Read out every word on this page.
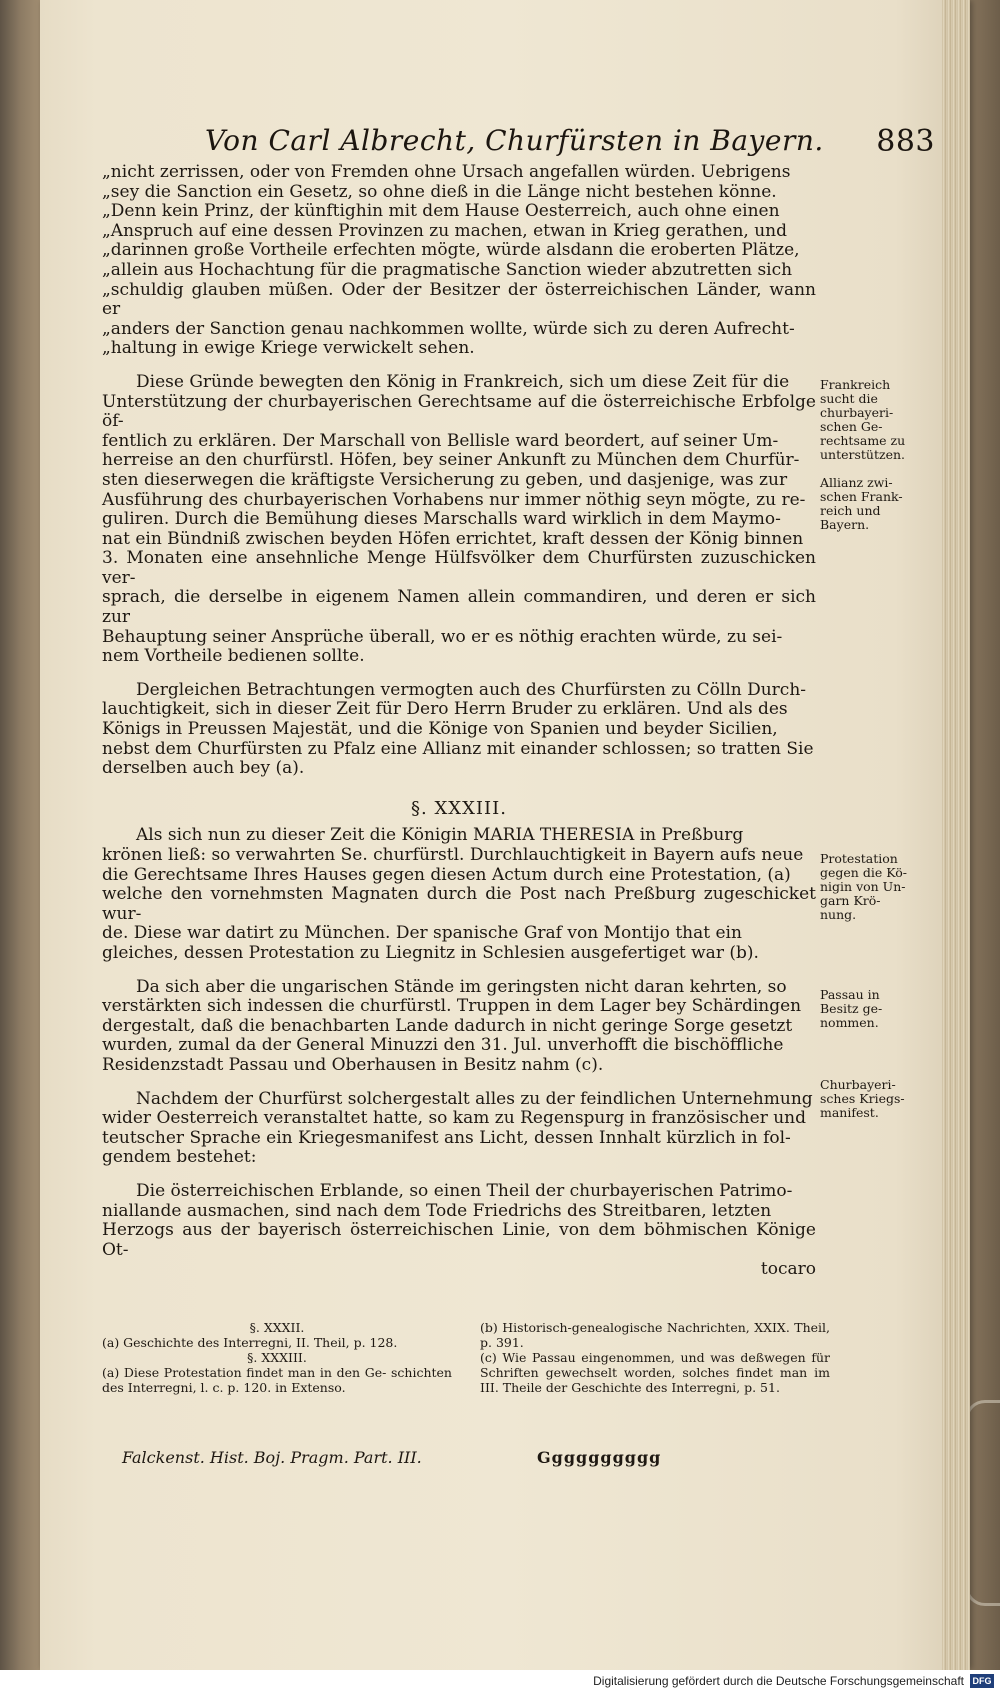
Von Carl Albrecht, Churfürsten in Bayern. 883

„nicht zerrissen, oder von Fremden ohne Ursach angefallen würden. Uebrigens

„sey die Sanction ein Gesetz, so ohne dieß in die Länge nicht bestehen könne.

„Denn kein Prinz, der künftighin mit dem Hause Oesterreich, auch ohne einen

„Anspruch auf eine dessen Provinzen zu machen, etwan in Krieg gerathen, und

„darinnen große Vortheile erfechten mögte, würde alsdann die eroberten Plätze,

„allein aus Hochachtung für die pragmatische Sanction wieder abzutretten sich

„schuldig glauben müßen. Oder der Besitzer der österreichischen Länder, wann er

„anders der Sanction genau nachkommen wollte, würde sich zu deren Aufrecht-

„haltung in ewige Kriege verwickelt sehen.

Diese Gründe bewegten den König in Frankreich, sich um diese Zeit für die

Unterstützung der churbayerischen Gerechtsame auf die österreichische Erbfolge öf-

fentlich zu erklären. Der Marschall von Bellisle ward beordert, auf seiner Um-

herreise an den churfürstl. Höfen, bey seiner Ankunft zu München dem Churfür-

sten dieserwegen die kräftigste Versicherung zu geben, und dasjenige, was zur

Ausführung des churbayerischen Vorhabens nur immer nöthig seyn mögte, zu re-

guliren. Durch die Bemühung dieses Marschalls ward wirklich in dem Maymo-

nat ein Bündniß zwischen beyden Höfen errichtet, kraft dessen der König binnen

3. Monaten eine ansehnliche Menge Hülfsvölker dem Churfürsten zuzuschicken ver-

sprach, die derselbe in eigenem Namen allein commandiren, und deren er sich zur

Behauptung seiner Ansprüche überall, wo er es nöthig erachten würde, zu sei-

nem Vortheile bedienen sollte.

Dergleichen Betrachtungen vermogten auch des Churfürsten zu Cölln Durch-

lauchtigkeit, sich in dieser Zeit für Dero Herrn Bruder zu erklären. Und als des

Königs in Preussen Majestät, und die Könige von Spanien und beyder Sicilien,

nebst dem Churfürsten zu Pfalz eine Allianz mit einander schlossen; so tratten Sie

derselben auch bey (a).

§. XXXIII.

Als sich nun zu dieser Zeit die Königin MARIA THERESIA in Preßburg

krönen ließ: so verwahrten Se. churfürstl. Durchlauchtigkeit in Bayern aufs neue

die Gerechtsame Ihres Hauses gegen diesen Actum durch eine Protestation, (a)

welche den vornehmsten Magnaten durch die Post nach Preßburg zugeschicket wur-

de. Diese war datirt zu München. Der spanische Graf von Montijo that ein

gleiches, dessen Protestation zu Liegnitz in Schlesien ausgefertiget war (b).

Da sich aber die ungarischen Stände im geringsten nicht daran kehrten, so

verstärkten sich indessen die churfürstl. Truppen in dem Lager bey Schärdingen

dergestalt, daß die benachbarten Lande dadurch in nicht geringe Sorge gesetzt

wurden, zumal da der General Minuzzi den 31. Jul. unverhofft die bischöffliche

Residenzstadt Passau und Oberhausen in Besitz nahm (c).

Nachdem der Churfürst solchergestalt alles zu der feindlichen Unternehmung

wider Oesterreich veranstaltet hatte, so kam zu Regenspurg in französischer und

teutscher Sprache ein Kriegesmanifest ans Licht, dessen Innhalt kürzlich in fol-

gendem bestehet:

Die österreichischen Erblande, so einen Theil der churbayerischen Patrimo-

niallande ausmachen, sind nach dem Tode Friedrichs des Streitbaren, letzten

Herzogs aus der bayerisch österreichischen Linie, von dem böhmischen Könige Ot-

tocaro

Frankreich sucht die churbayeri- schen Ge- rechtsame zu unterstützen.
Allianz zwi- schen Frank- reich und Bayern.
Protestation gegen die Kö- nigin von Un- garn Krö- nung.
Passau in Besitz ge- nommen.
Churbayeri- sches Kriegs- manifest.

§. XXXII.

(a) Geschichte des Interregni, II. Theil, p. 128.

§. XXXIII.

(a) Diese Protestation findet man in den Ge- schichten des Interregni, l. c. p. 120. in Extenso.

(b) Historisch-genealogische Nachrichten, XXIX. Theil, p. 391.

(c) Wie Passau eingenommen, und was deßwegen für Schriften gewechselt worden, solches findet man im III. Theile der Geschichte des Interregni, p. 51.

Falckenst. Hist. Boj. Pragm. Part. III.	Gggggggggg
Digitalisierung gefördert durch die Deutsche Forschungsgemeinschaft DFG
